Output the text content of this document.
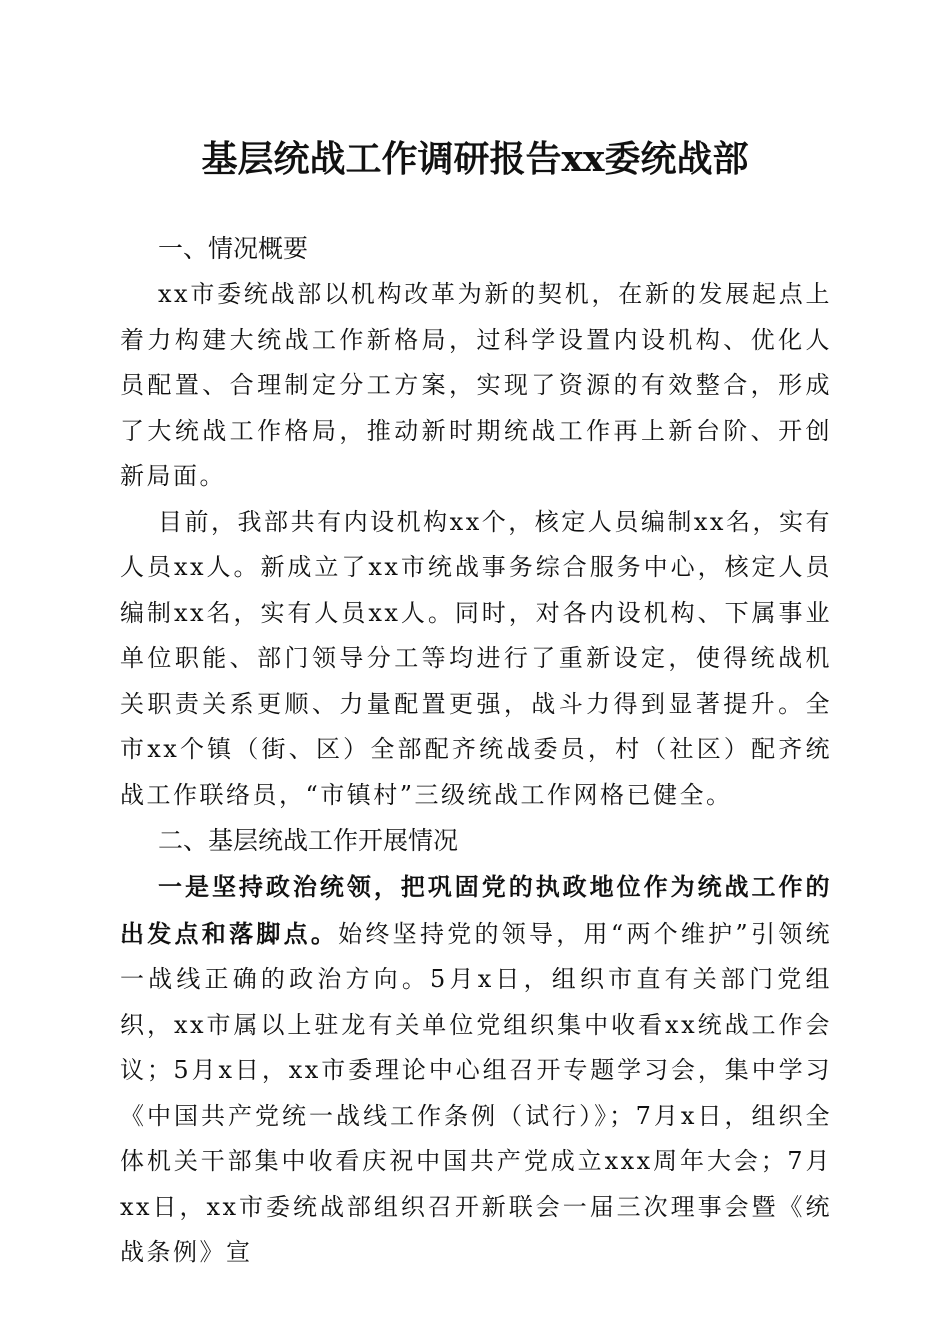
基层统战工作调研报告xx委统战部
一、情况概要

xx市委统战部以机构改革为新的契机，在新的发展起点上着力构建大统战工作新格局，过科学设置内设机构、优化人员配置、合理制定分工方案，实现了资源的有效整合，形成了大统战工作格局，推动新时期统战工作再上新台阶、开创新局面。

目前，我部共有内设机构xx个，核定人员编制xx名，实有人员xx人。新成立了xx市统战事务综合服务中心，核定人员编制xx名，实有人员xx人。同时，对各内设机构、下属事业单位职能、部门领导分工等均进行了重新设定，使得统战机关职责关系更顺、力量配置更强，战斗力得到显著提升。全市xx个镇（街、区）全部配齐统战委员，村（社区）配齐统战工作联络员，“市镇村”三级统战工作网格已健全。

二、基层统战工作开展情况

一是坚持政治统领，把巩固党的执政地位作为统战工作的出发点和落脚点。始终坚持党的领导，用“两个维护”引领统一战线正确的政治方向。5月x日，组织市直有关部门党组织，xx市属以上驻龙有关单位党组织集中收看xx统战工作会议；5月x日，xx市委理论中心组召开专题学习会，集中学习《中国共产党统一战线工作条例（试行）》；7月x日，组织全体机关干部集中收看庆祝中国共产党成立xxx周年大会；7月xx日，xx市委统战部组织召开新联会一届三次理事会暨《统战条例》宣
